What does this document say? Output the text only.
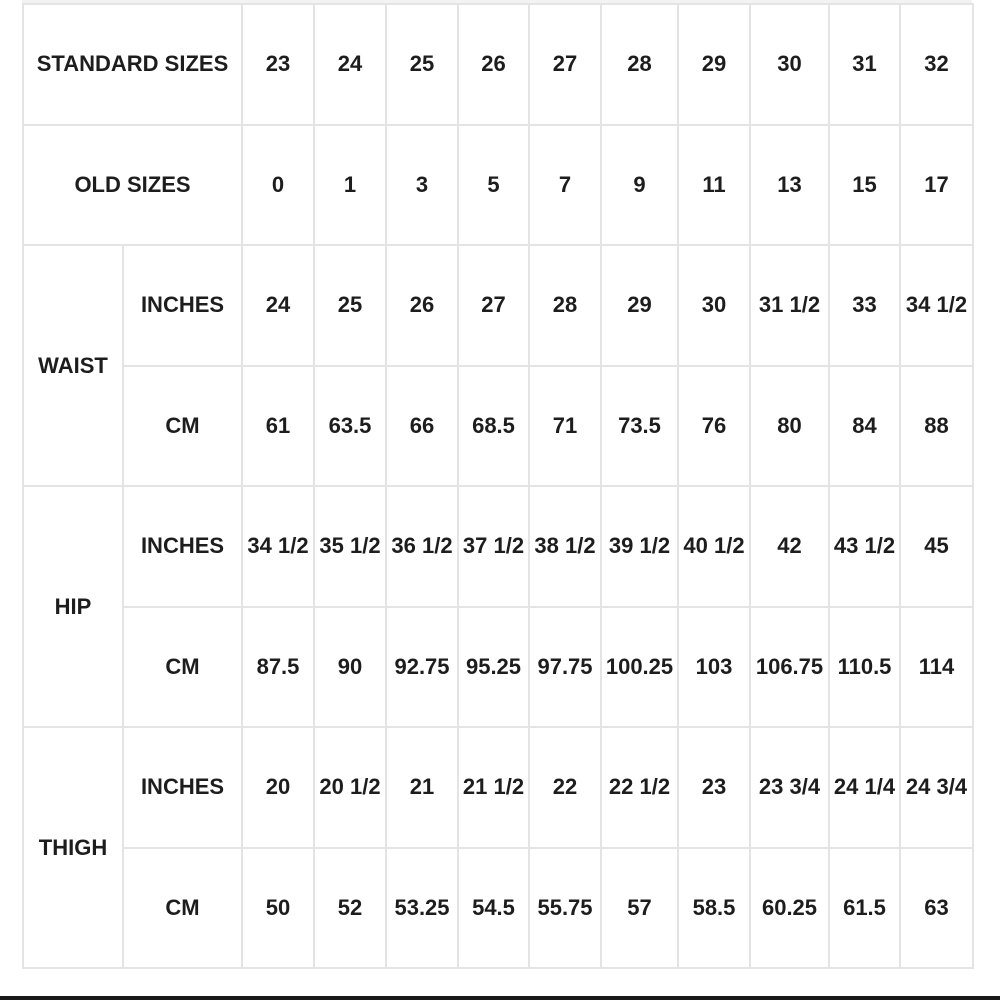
STANDARD SIZES		23	24	25	26	27	28	29	30	31	32
OLD SIZES		0	1	3	5	7	9	11	13	15	17
WAIST	INCHES	24	25	26	27	28	29	30	31 1/2	33	34 1/2
	CM	61	63.5	66	68.5	71	73.5	76	80	84	88
HIP	INCHES	34 1/2	35 1/2	36 1/2	37 1/2	38 1/2	39 1/2	40 1/2	42	43 1/2	45
	CM	87.5	90	92.75	95.25	97.75	100.25	103	106.75	110.5	114
THIGH	INCHES	20	20 1/2	21	21 1/2	22	22 1/2	23	23 3/4	24 1/4	24 3/4
	CM	50	52	53.25	54.5	55.75	57	58.5	60.25	61.5	63
